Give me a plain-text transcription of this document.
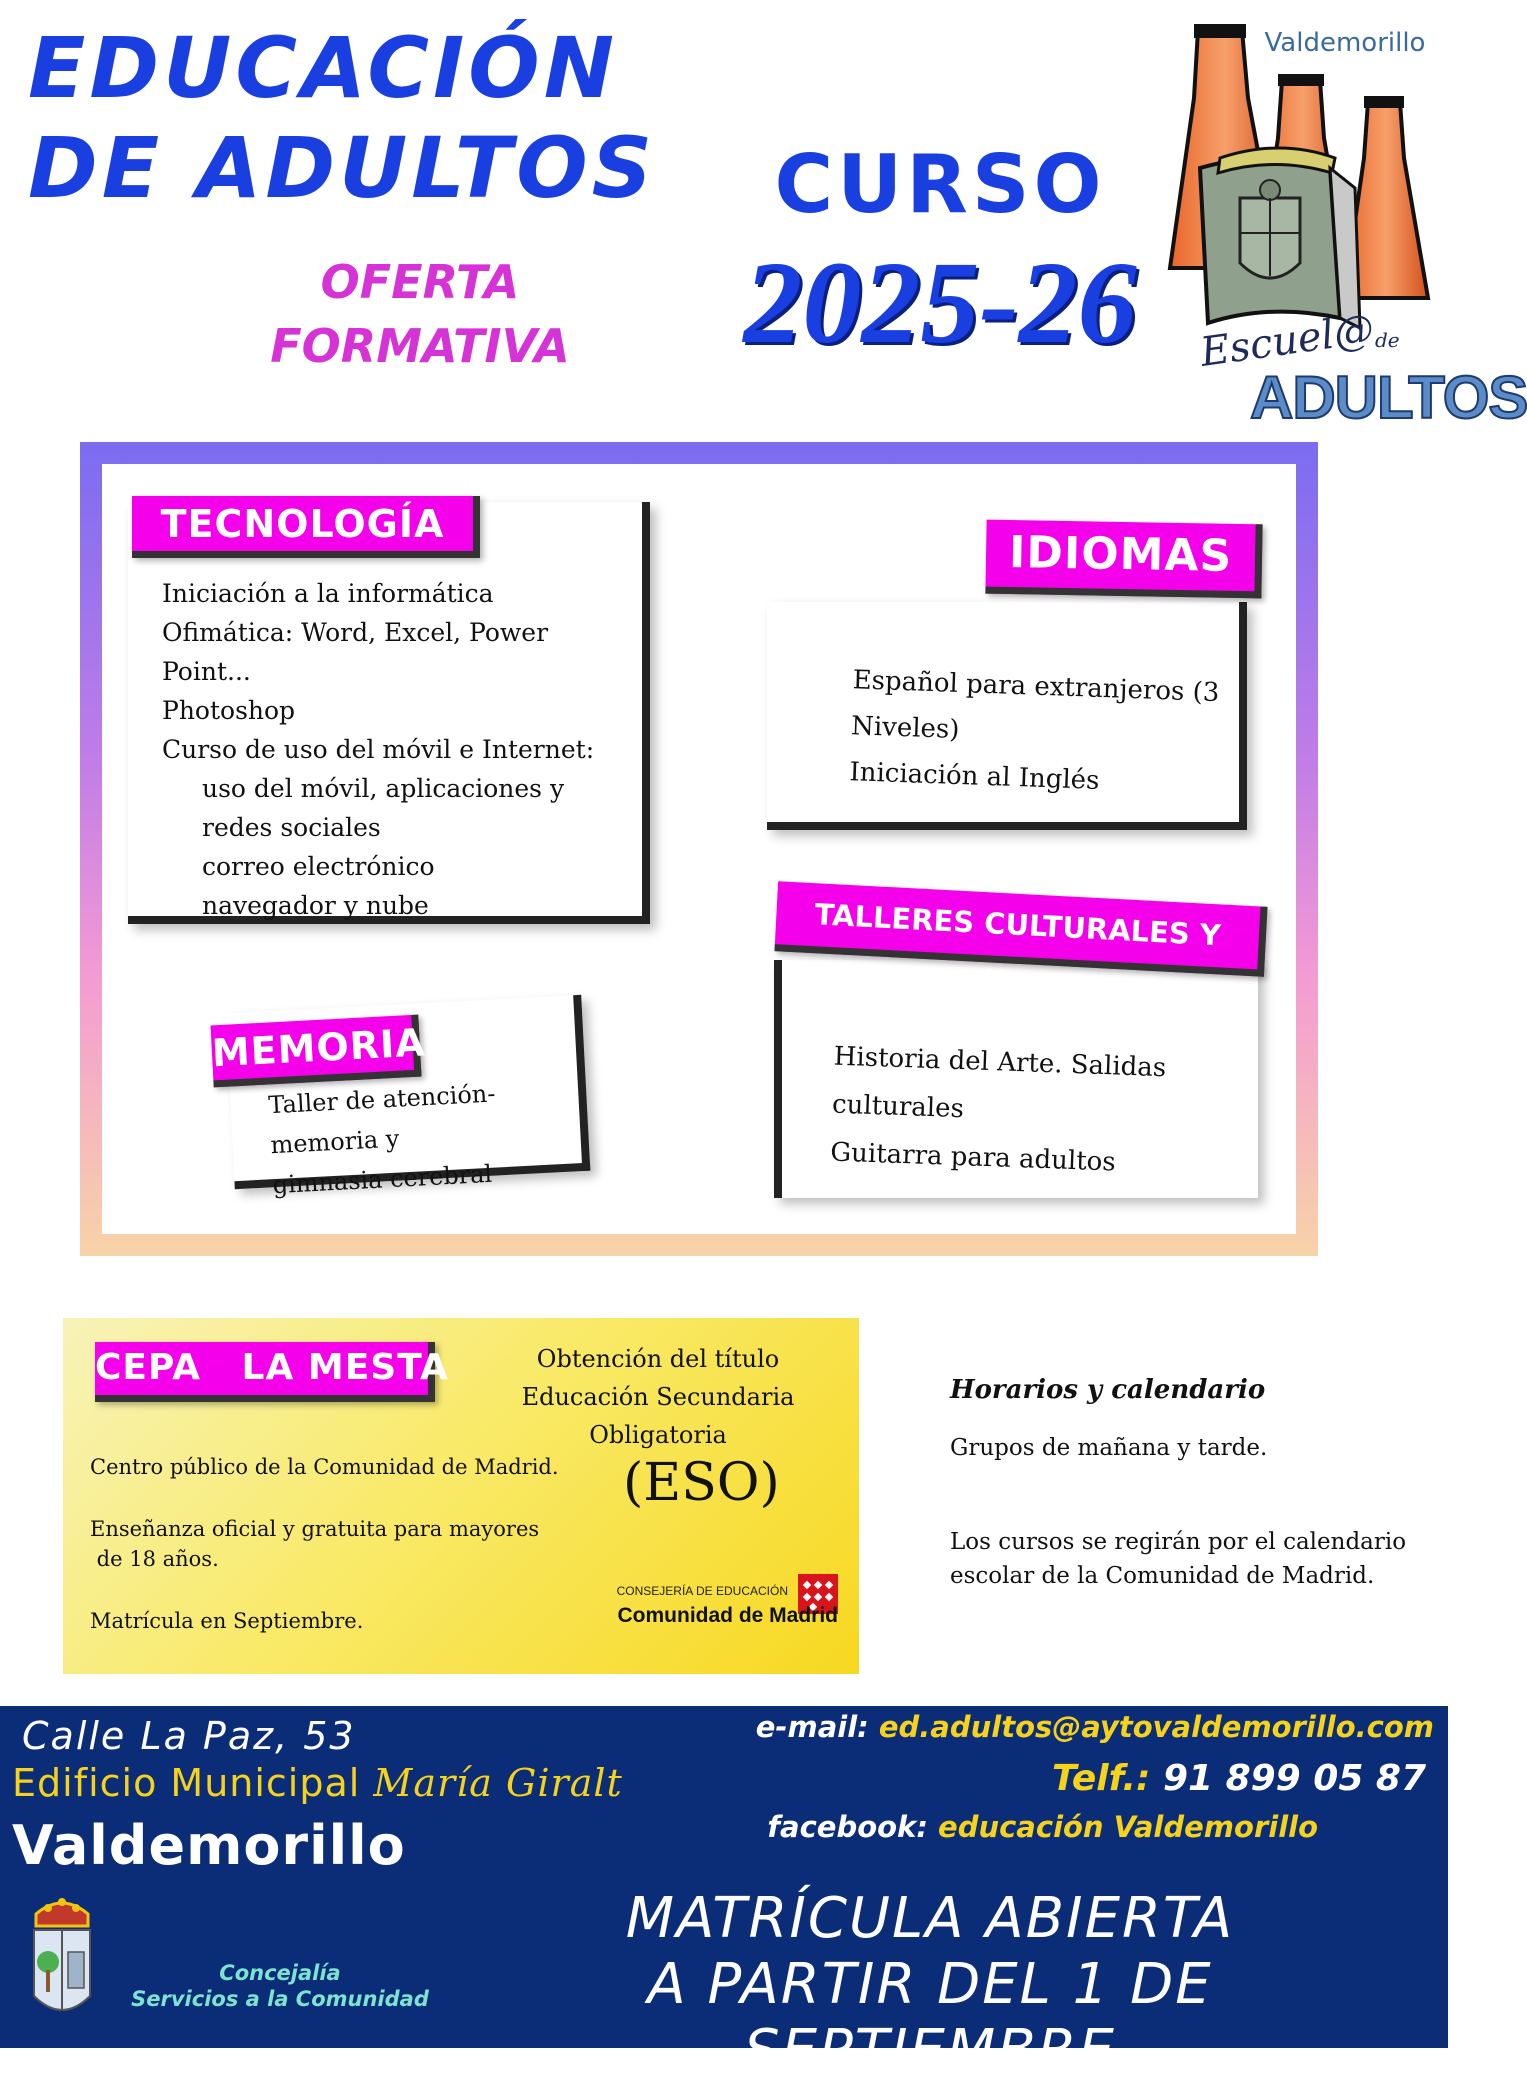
EDUCACIÓN
DE ADULTOS
OFERTA
FORMATIVA
CURSO
2025-26
Valdemorillo
Escuel@
de
ADULTOS
Iniciación a la informática
Ofimática: Word, Excel, Power Point...
Photoshop
Curso de uso del móvil e Internet:
uso del móvil, aplicaciones y redes sociales
correo electrónico
navegador y nube
TECNOLOGÍA
Español para extranjeros (3 Niveles)
Iniciación al Inglés
IDIOMAS
Historia del Arte. Salidas culturales
Guitarra para adultos
TALLERES CULTURALES Y ARTÍSTICOS
Taller de atención-memoria y
gimnasia cerebral
MEMORIA
CEPA   LA MESTA
Centro público de la Comunidad de Madrid.
Enseñanza oficial y gratuita para mayores
de 18 años.
Matrícula en Septiembre.
Obtención del título
Educación Secundaria Obligatoria
(ESO)
CONSEJERÍA DE EDUCACIÓN
Comunidad de Madrid
Horarios y calendario
Grupos de mañana y tarde.
Los cursos se regirán por el calendario
escolar de la Comunidad de Madrid.
Calle La Paz, 53
Edificio Municipal María Giralt
Valdemorillo
e-mail: ed.adultos@aytovaldemorillo.com
Telf.: 91 899 05 87
facebook: educación Valdemorillo
Concejalía
Servicios a la Comunidad
MATRÍCULA ABIERTA
A PARTIR DEL 1 DE SEPTIEMBRE
